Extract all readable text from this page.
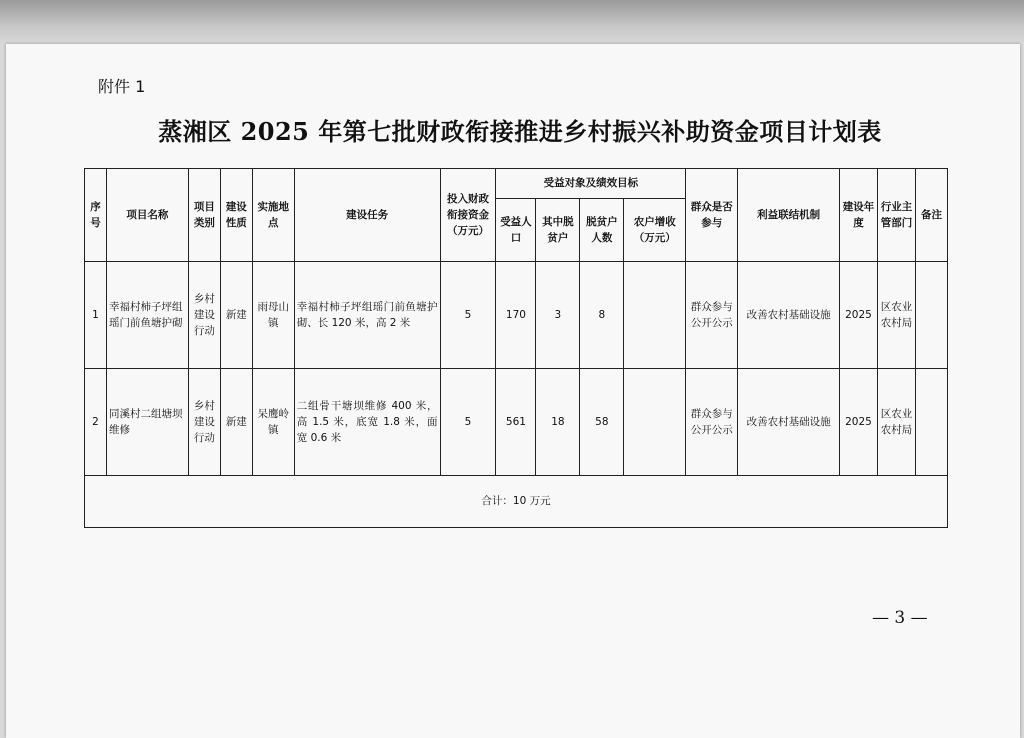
附件 1
蒸湘区 2025 年第七批财政衔接推进乡村振兴补助资金项目计划表
序号	项目名称	项目类别	建设性质	实施地点	建设任务	投入财政衔接资金（万元）	受益对象及绩效目标				群众是否参与	利益联结机制	建设年度	行业主管部门	备注
							受益人口	其中脱贫户	脱贫户人数	农户增收（万元）					
1	幸福村柿子坪组瑶门前鱼塘护砌	乡村建设行动	新建	雨母山镇	幸福村柿子坪组瑶门前鱼塘护砌、长 120 米，高 2 米	5	170	3	8		群众参与公开公示	改善农村基础设施	2025	区农业农村局	
2	同溪村二组塘坝维修	乡村建设行动	新建	呆鹰岭镇	二组骨干塘坝维修 400 米，高 1.5 米，底宽 1.8 米，面宽 0.6 米	5	561	18	58		群众参与公开公示	改善农村基础设施	2025	区农业农村局	
合计：10 万元															
— 3 —
